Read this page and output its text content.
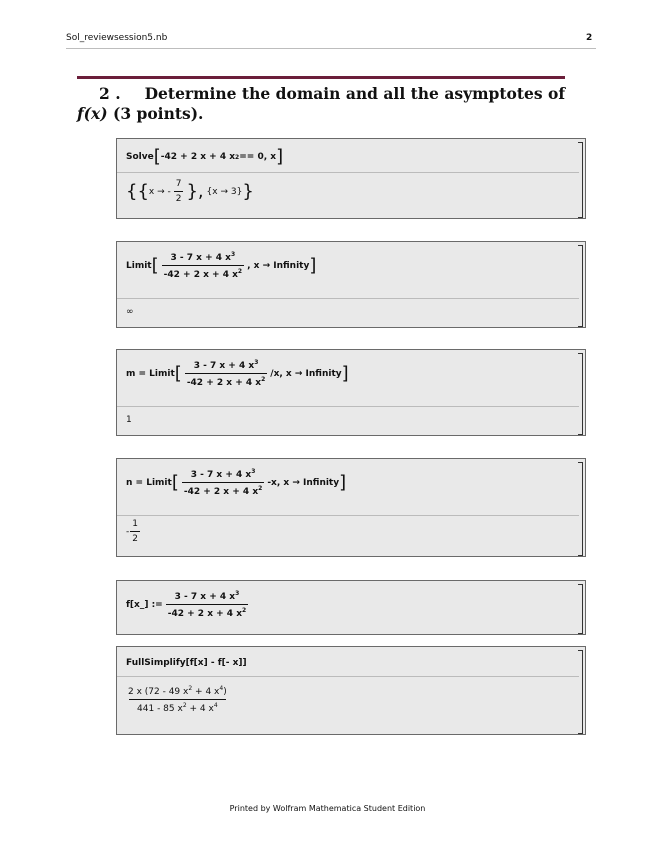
Sol_reviewsession5.nb	2
2 . Determine the domain and all the asymptotes of f(x) (3 points).
Solve [ -42 + 2 x + 4 x 2 == 0, x ]
{{ x → - $\frac{7}{2}$ },
{x → 3} }
Limit [ $\frac{3 - 7 x + 4 x^3}{-42 + 2 x + 4 x^2}$ , x → Infinity ]
∞
m = Limit [ $\frac{3 - 7 x + 4 x^3}{-42 + 2 x + 4 x^2} /x$, x → Infinity ]
1
n = Limit [ $\frac{3 - 7 x + 4 x^3}{-42 + 2 x + 4 x^2} -x$, x → Infinity ]
- $\frac{1}{2}$
f[x_] := $\frac{3 - 7 x + 4 x^3}{-42 + 2 x + 4 x^2}$
FullSimplify [f[x] - f[- x]]
$\frac{2 x (72 - 49 x^2 + 4 x^4)}{441 - 85 x^2 + 4 x^4}$
Printed by Wolfram Mathematica Student Edition
